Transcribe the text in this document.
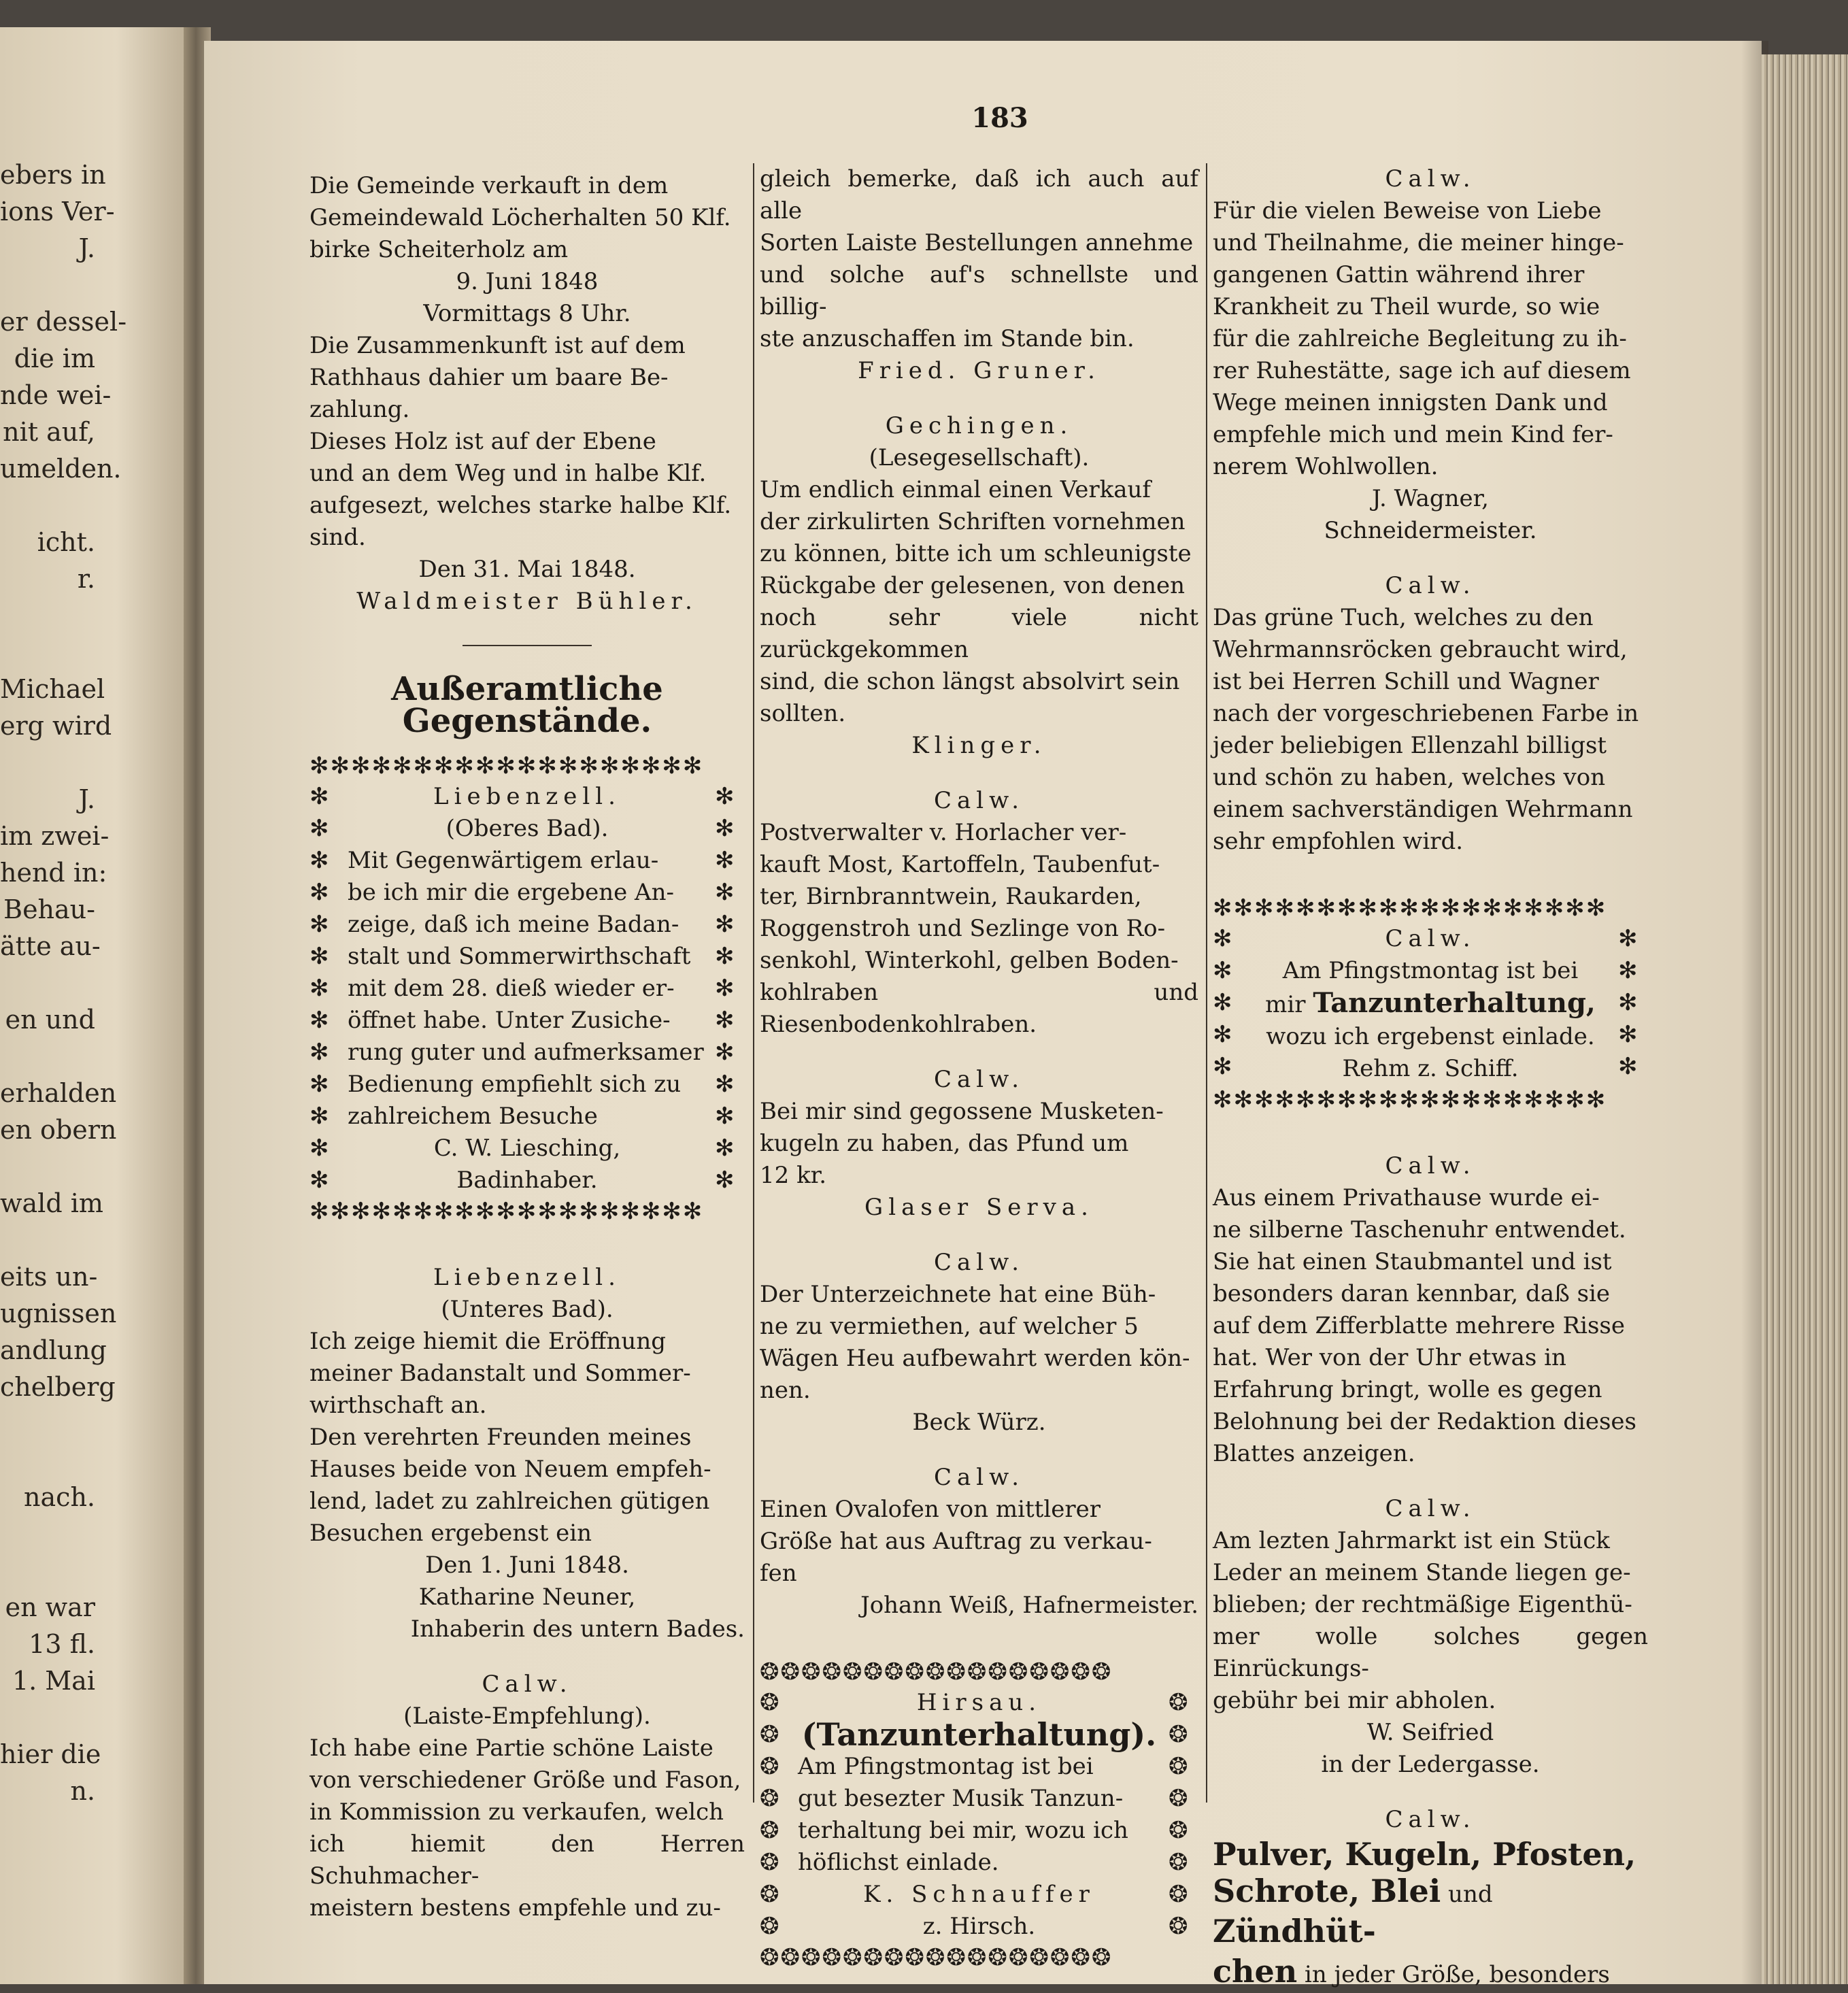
ebers in
ions Ver-
J.
er dessel-
die im
nde wei-
nit auf,
umelden.
icht.
r.
Michael
erg wird
J.
im zwei-
hend in:
Behau-
ätte au-
en und
erhalden
en obern
wald im
eits un-
ugnissen
andlung
chelberg
nach.
en war
13 fl.
1. Mai
hier die
n.
183
Die Gemeinde verkauft in dem
Gemeindewald Löcherhalten 50 Klf.
birke Scheiterholz am

9. Juni 1848

Vormittags 8 Uhr.

Die Zusammenkunft ist auf dem
Rathhaus dahier um baare Be-
zahlung.
Dieses Holz ist auf der Ebene
und an dem Weg und in halbe Klf.
aufgesezt, welches starke halbe Klf.
sind.

Den 31. Mai 1848.

Waldmeister Bühler.

Außeramtliche Gegenstände.
✻✻✻✻✻✻✻✻✻✻✻✻✻✻✻✻✻✻✻
✻✻✻✻✻✻✻✻✻✻✻✻✻
✻✻✻✻✻✻✻✻✻✻✻✻✻

Liebenzell.

(Oberes Bad).

Mit Gegenwärtigem erlau-
be ich mir die ergebene An-
zeige, daß ich meine Badan-
stalt und Sommerwirthschaft
mit dem 28. dieß wieder er-
öffnet habe. Unter Zusiche-
rung guter und aufmerksamer
Bedienung empfiehlt sich zu
zahlreichem Besuche

C. W. Liesching,

Badinhaber.

✻✻✻✻✻✻✻✻✻✻✻✻✻✻✻✻✻✻✻

Liebenzell.

(Unteres Bad).

Ich zeige hiemit die Eröffnung
meiner Badanstalt und Sommer-
wirthschaft an.
Den verehrten Freunden meines
Hauses beide von Neuem empfeh-
lend, ladet zu zahlreichen gütigen
Besuchen ergebenst ein

Den 1. Juni 1848.

Katharine Neuner,

Inhaberin des untern Bades.

Calw.

(Laiste-Empfehlung).

Ich habe eine Partie schöne Laiste
von verschiedener Größe und Fason,
in Kommission zu verkaufen, welch
ich hiemit den Herren Schuhmacher-
meistern bestens empfehle und zu-
gleich bemerke, daß ich auch auf alle
Sorten Laiste Bestellungen annehme
und solche auf's schnellste und billig-
ste anzuschaffen im Stande bin.

Fried. Gruner.

Gechingen.

(Lesegesellschaft).

Um endlich einmal einen Verkauf
der zirkulirten Schriften vornehmen
zu können, bitte ich um schleunigste
Rückgabe der gelesenen, von denen
noch sehr viele nicht zurückgekommen
sind, die schon längst absolvirt sein
sollten.

Klinger.

Calw.

Postverwalter v. Horlacher ver-
kauft Most, Kartoffeln, Taubenfut-
ter, Birnbranntwein, Raukarden,
Roggenstroh und Sezlinge von Ro-
senkohl, Winterkohl, gelben Boden-
kohlraben und Riesenbodenkohlraben.

Calw.

Bei mir sind gegossene Musketen-
kugeln zu haben, das Pfund um
12 kr.

Glaser Serva.

Calw.

Der Unterzeichnete hat eine Büh-
ne zu vermiethen, auf welcher 5
Wägen Heu aufbewahrt werden kön-
nen.

Beck Würz.

Calw.

Einen Ovalofen von mittlerer
Größe hat aus Auftrag zu verkau-
fen

Johann Weiß, Hafnermeister.

❂❂❂❂❂❂❂❂❂❂❂❂❂❂❂❂❂
❂❂❂❂❂❂❂❂
❂❂❂❂❂❂❂❂

Hirsau.

(Tanzunterhaltung).

Am Pfingstmontag ist bei
gut besezter Musik Tanzun-
terhaltung bei mir, wozu ich
höflichst einlade.

K. Schnauffer

z. Hirsch.

❂❂❂❂❂❂❂❂❂❂❂❂❂❂❂❂❂

Calw.

Für die vielen Beweise von Liebe
und Theilnahme, die meiner hinge-
gangenen Gattin während ihrer
Krankheit zu Theil wurde, so wie
für die zahlreiche Begleitung zu ih-
rer Ruhestätte, sage ich auf diesem
Wege meinen innigsten Dank und
empfehle mich und mein Kind fer-
nerem Wohlwollen.

J. Wagner,

Schneidermeister.

Calw.

Das grüne Tuch, welches zu den
Wehrmannsröcken gebraucht wird,
ist bei Herren Schill und Wagner
nach der vorgeschriebenen Farbe in
jeder beliebigen Ellenzahl billigst
und schön zu haben, welches von
einem sachverständigen Wehrmann
sehr empfohlen wird.
✻✻✻✻✻✻✻✻✻✻✻✻✻✻✻✻✻✻✻
✻✻✻✻✻
✻✻✻✻✻

Calw.

Am Pfingstmontag ist bei

mir Tanzunterhaltung,

wozu ich ergebenst einlade.

Rehm z. Schiff.

✻✻✻✻✻✻✻✻✻✻✻✻✻✻✻✻✻✻✻

Calw.

Aus einem Privathause wurde ei-
ne silberne Taschenuhr entwendet.
Sie hat einen Staubmantel und ist
besonders daran kennbar, daß sie
auf dem Zifferblatte mehrere Risse
hat. Wer von der Uhr etwas in
Erfahrung bringt, wolle es gegen
Belohnung bei der Redaktion dieses
Blattes anzeigen.

Calw.

Am lezten Jahrmarkt ist ein Stück
Leder an meinem Stande liegen ge-
blieben; der rechtmäßige Eigenthü-
mer wolle solches gegen Einrückungs-
gebühr bei mir abholen.

W. Seifried

in der Ledergasse.

Calw.

Pulver, Kugeln, Pfosten,

Schrote, Blei und Zündhüt-

chen in jeder Größe, besonders
